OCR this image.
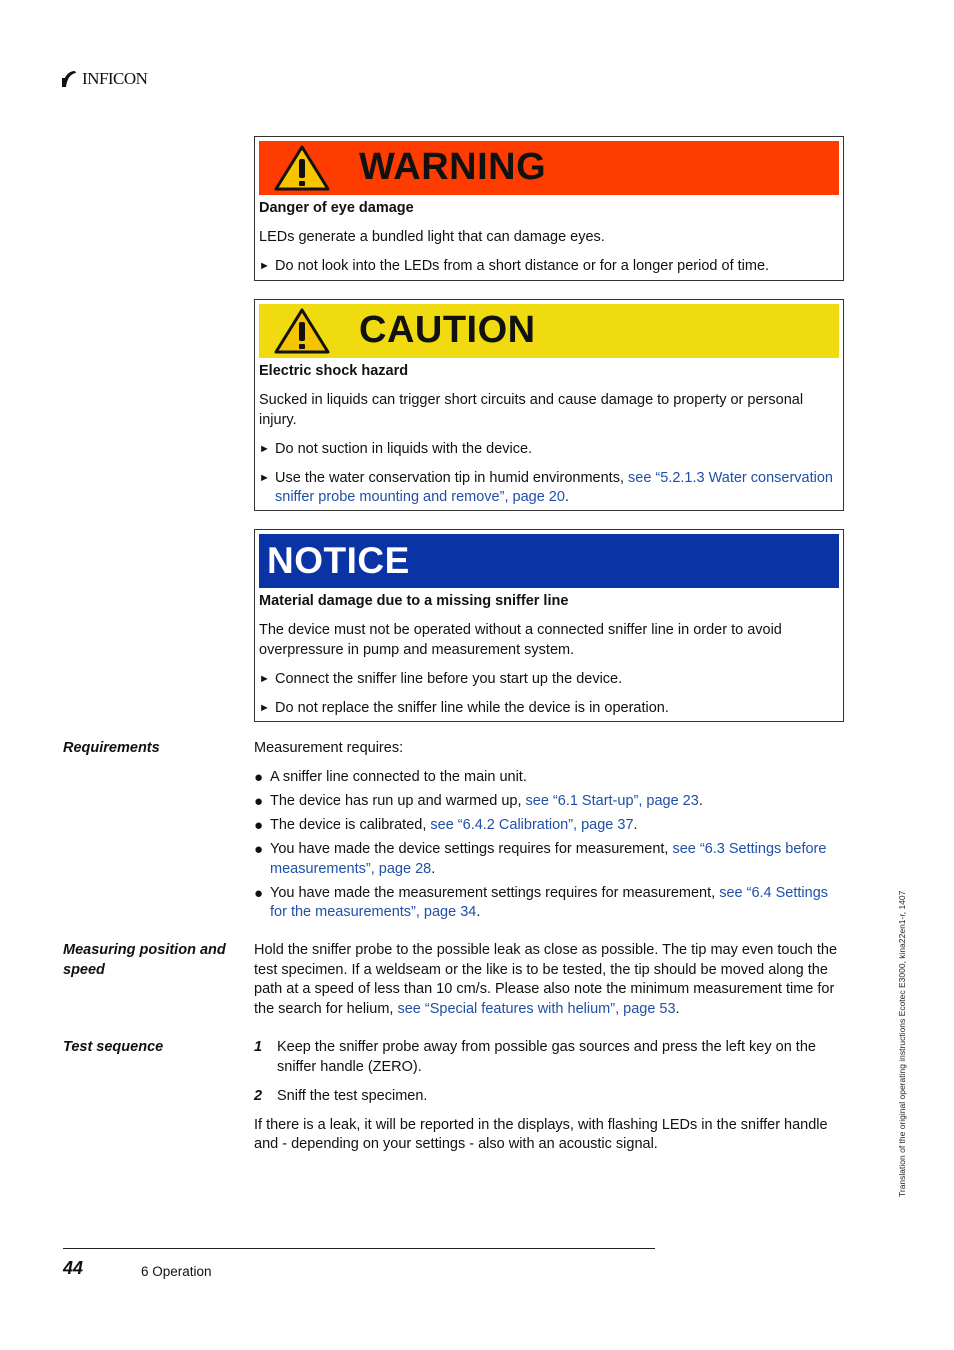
INFICON
WARNING

Danger of eye damage

LEDs generate a bundled light that can damage eyes.

► Do not look into the LEDs from a short distance or for a longer period of time.
CAUTION

Electric shock hazard

Sucked in liquids can trigger short circuits and cause damage to property or personal injury.

► Do not suction in liquids with the device.
► Use the water conservation tip in humid environments, see “5.2.1.3 Water conservation sniffer probe mounting and remove”, page 20.
NOTICE

Material damage due to a missing sniffer line

The device must not be operated without a connected sniffer line in order to avoid overpressure in pump and measurement system.

► Connect the sniffer line before you start up the device.
► Do not replace the sniffer line while the device is in operation.
Requirements	Measurement requires:

● A sniffer line connected to the main unit.
● The device has run up and warmed up, see “6.1 Start-up”, page 23.
● The device is calibrated, see “6.4.2 Calibration”, page 37.
● You have made the device settings requires for measurement, see “6.3 Settings before measurements”, page 28.
● You have made the measurement settings requires for measurement, see “6.4 Settings for the measurements”, page 34.
Measuring position and speed

Hold the sniffer probe to the possible leak as close as possible. The tip may even touch the test specimen. If a weldseam or the like is to be tested, the tip should be moved along the path at a speed of less than 10 cm/s. Please also note the minimum measurement time for the search for helium, see “Special features with helium”, page 53.

Test sequence	1	Keep the sniffer probe away from possible gas sources and press the left key on the sniffer handle (ZERO).
2	Sniff the test specimen.

If there is a leak, it will be reported in the displays, with flashing LEDs in the sniffer handle and - depending on your settings - also with an acoustic signal.

44	6 Operation
Translation of the original operating instructions Ecotec E3000, kina22en1-r, 1407
